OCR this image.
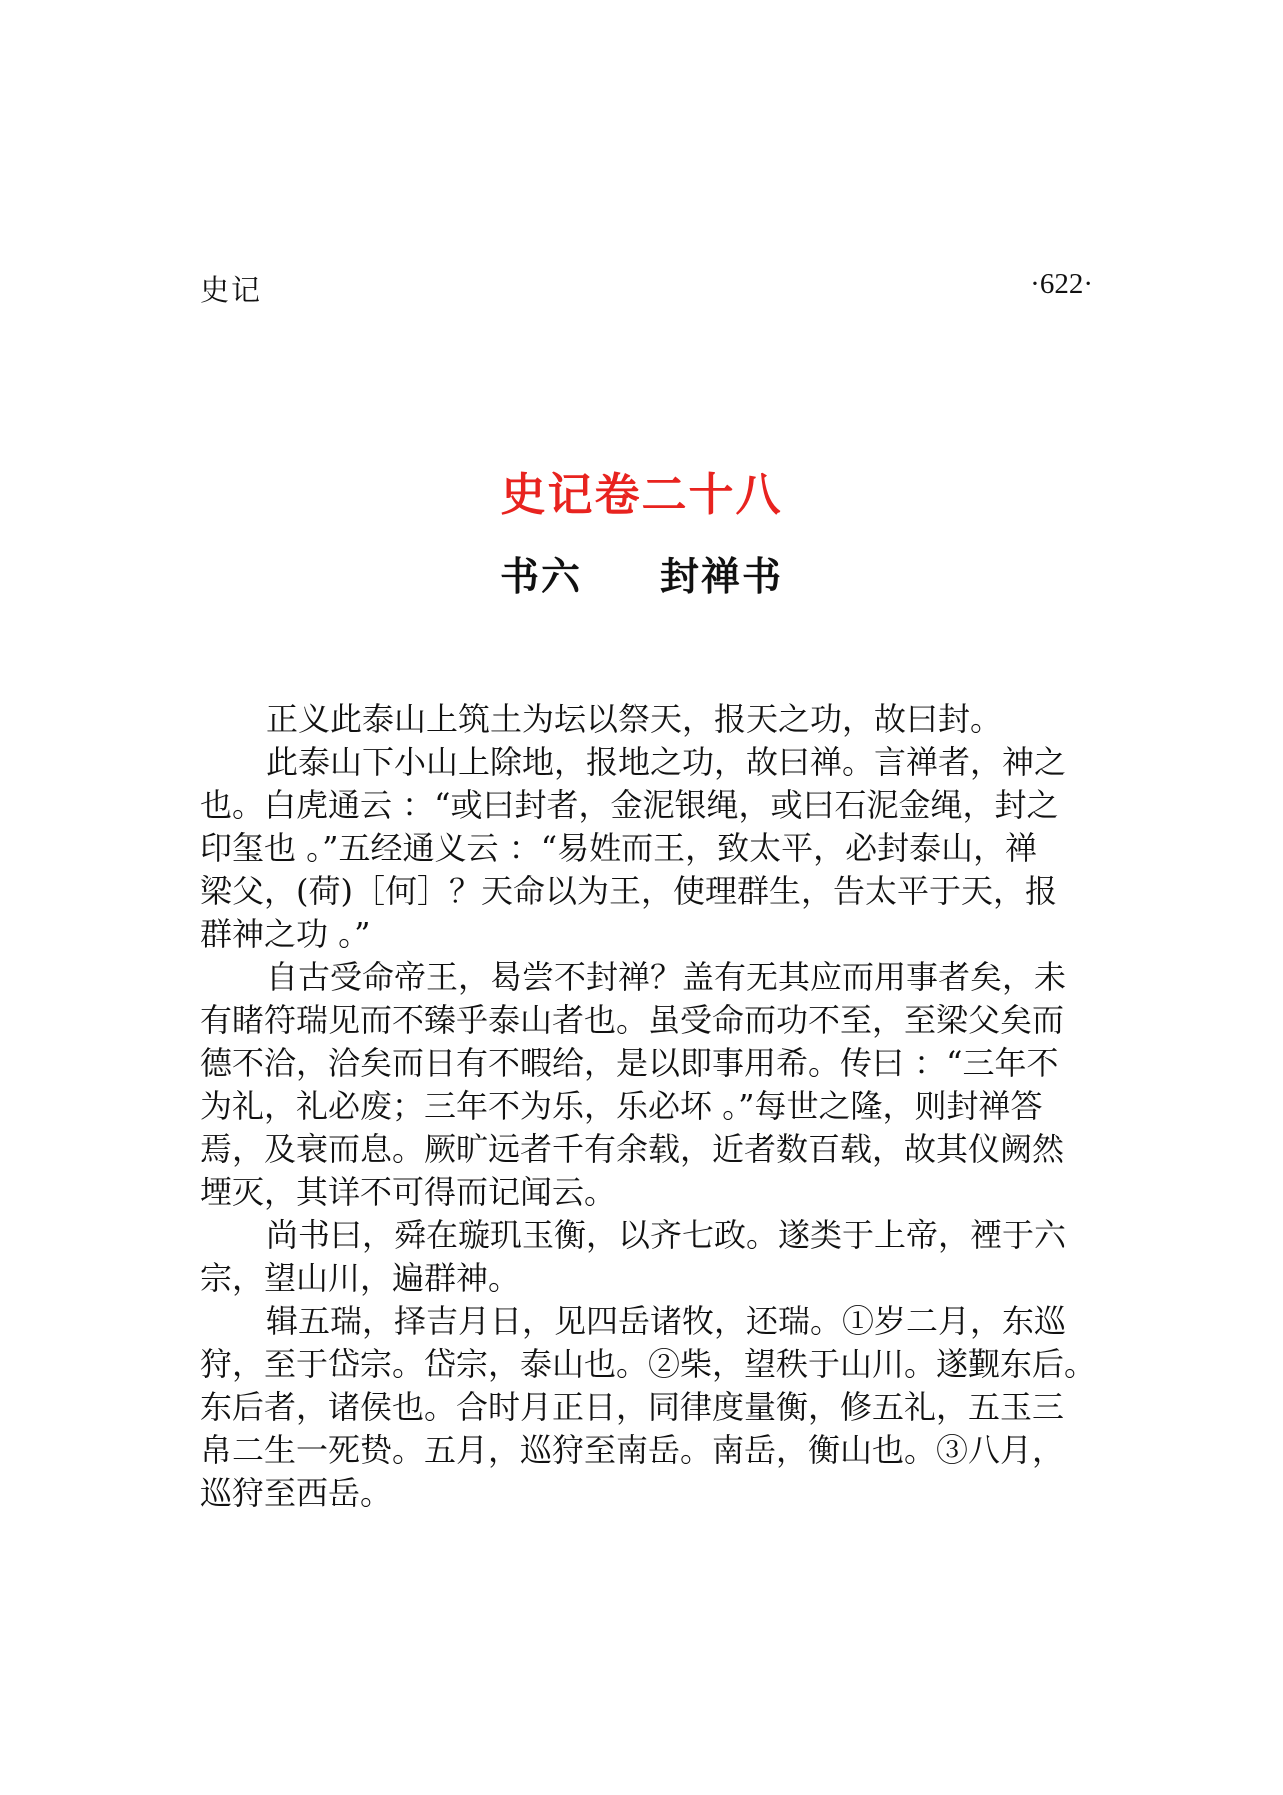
史记	·622·
史记卷二十八
书六 封禅书
正义此泰山上筑土为坛以祭天，报天之功，故曰封。
此泰山下小山上除地，报地之功，故曰禅。言禅者，神之
也。白虎通云 ：“或曰封者，金泥银绳，或曰石泥金绳，封之
印玺也 。”五经通义云 ：“易姓而王，致太平，必封泰山，禅
梁父，(荷)［何］？天命以为王，使理群生，告太平于天，报
群神之功 。”
自古受命帝王，曷尝不封禅？盖有无其应而用事者矣，未
有睹符瑞见而不臻乎泰山者也。虽受命而功不至，至梁父矣而
德不洽，洽矣而日有不暇给，是以即事用希。传曰 ：“三年不
为礼，礼必废；三年不为乐，乐必坏 。”每世之隆，则封禅答
焉，及衰而息。厥旷远者千有余载，近者数百载，故其仪阙然
堙灭，其详不可得而记闻云。
尚书曰，舜在璇玑玉衡，以齐七政。遂类于上帝，禋于六
宗，望山川，遍群神。
辑五瑞，择吉月日，见四岳诸牧，还瑞。①岁二月，东巡
狩，至于岱宗。岱宗，泰山也。②柴，望秩于山川。遂觐东后。
东后者，诸侯也。合时月正日，同律度量衡，修五礼，五玉三
帛二生一死贽。五月，巡狩至南岳。南岳，衡山也。③八月，
巡狩至西岳。
